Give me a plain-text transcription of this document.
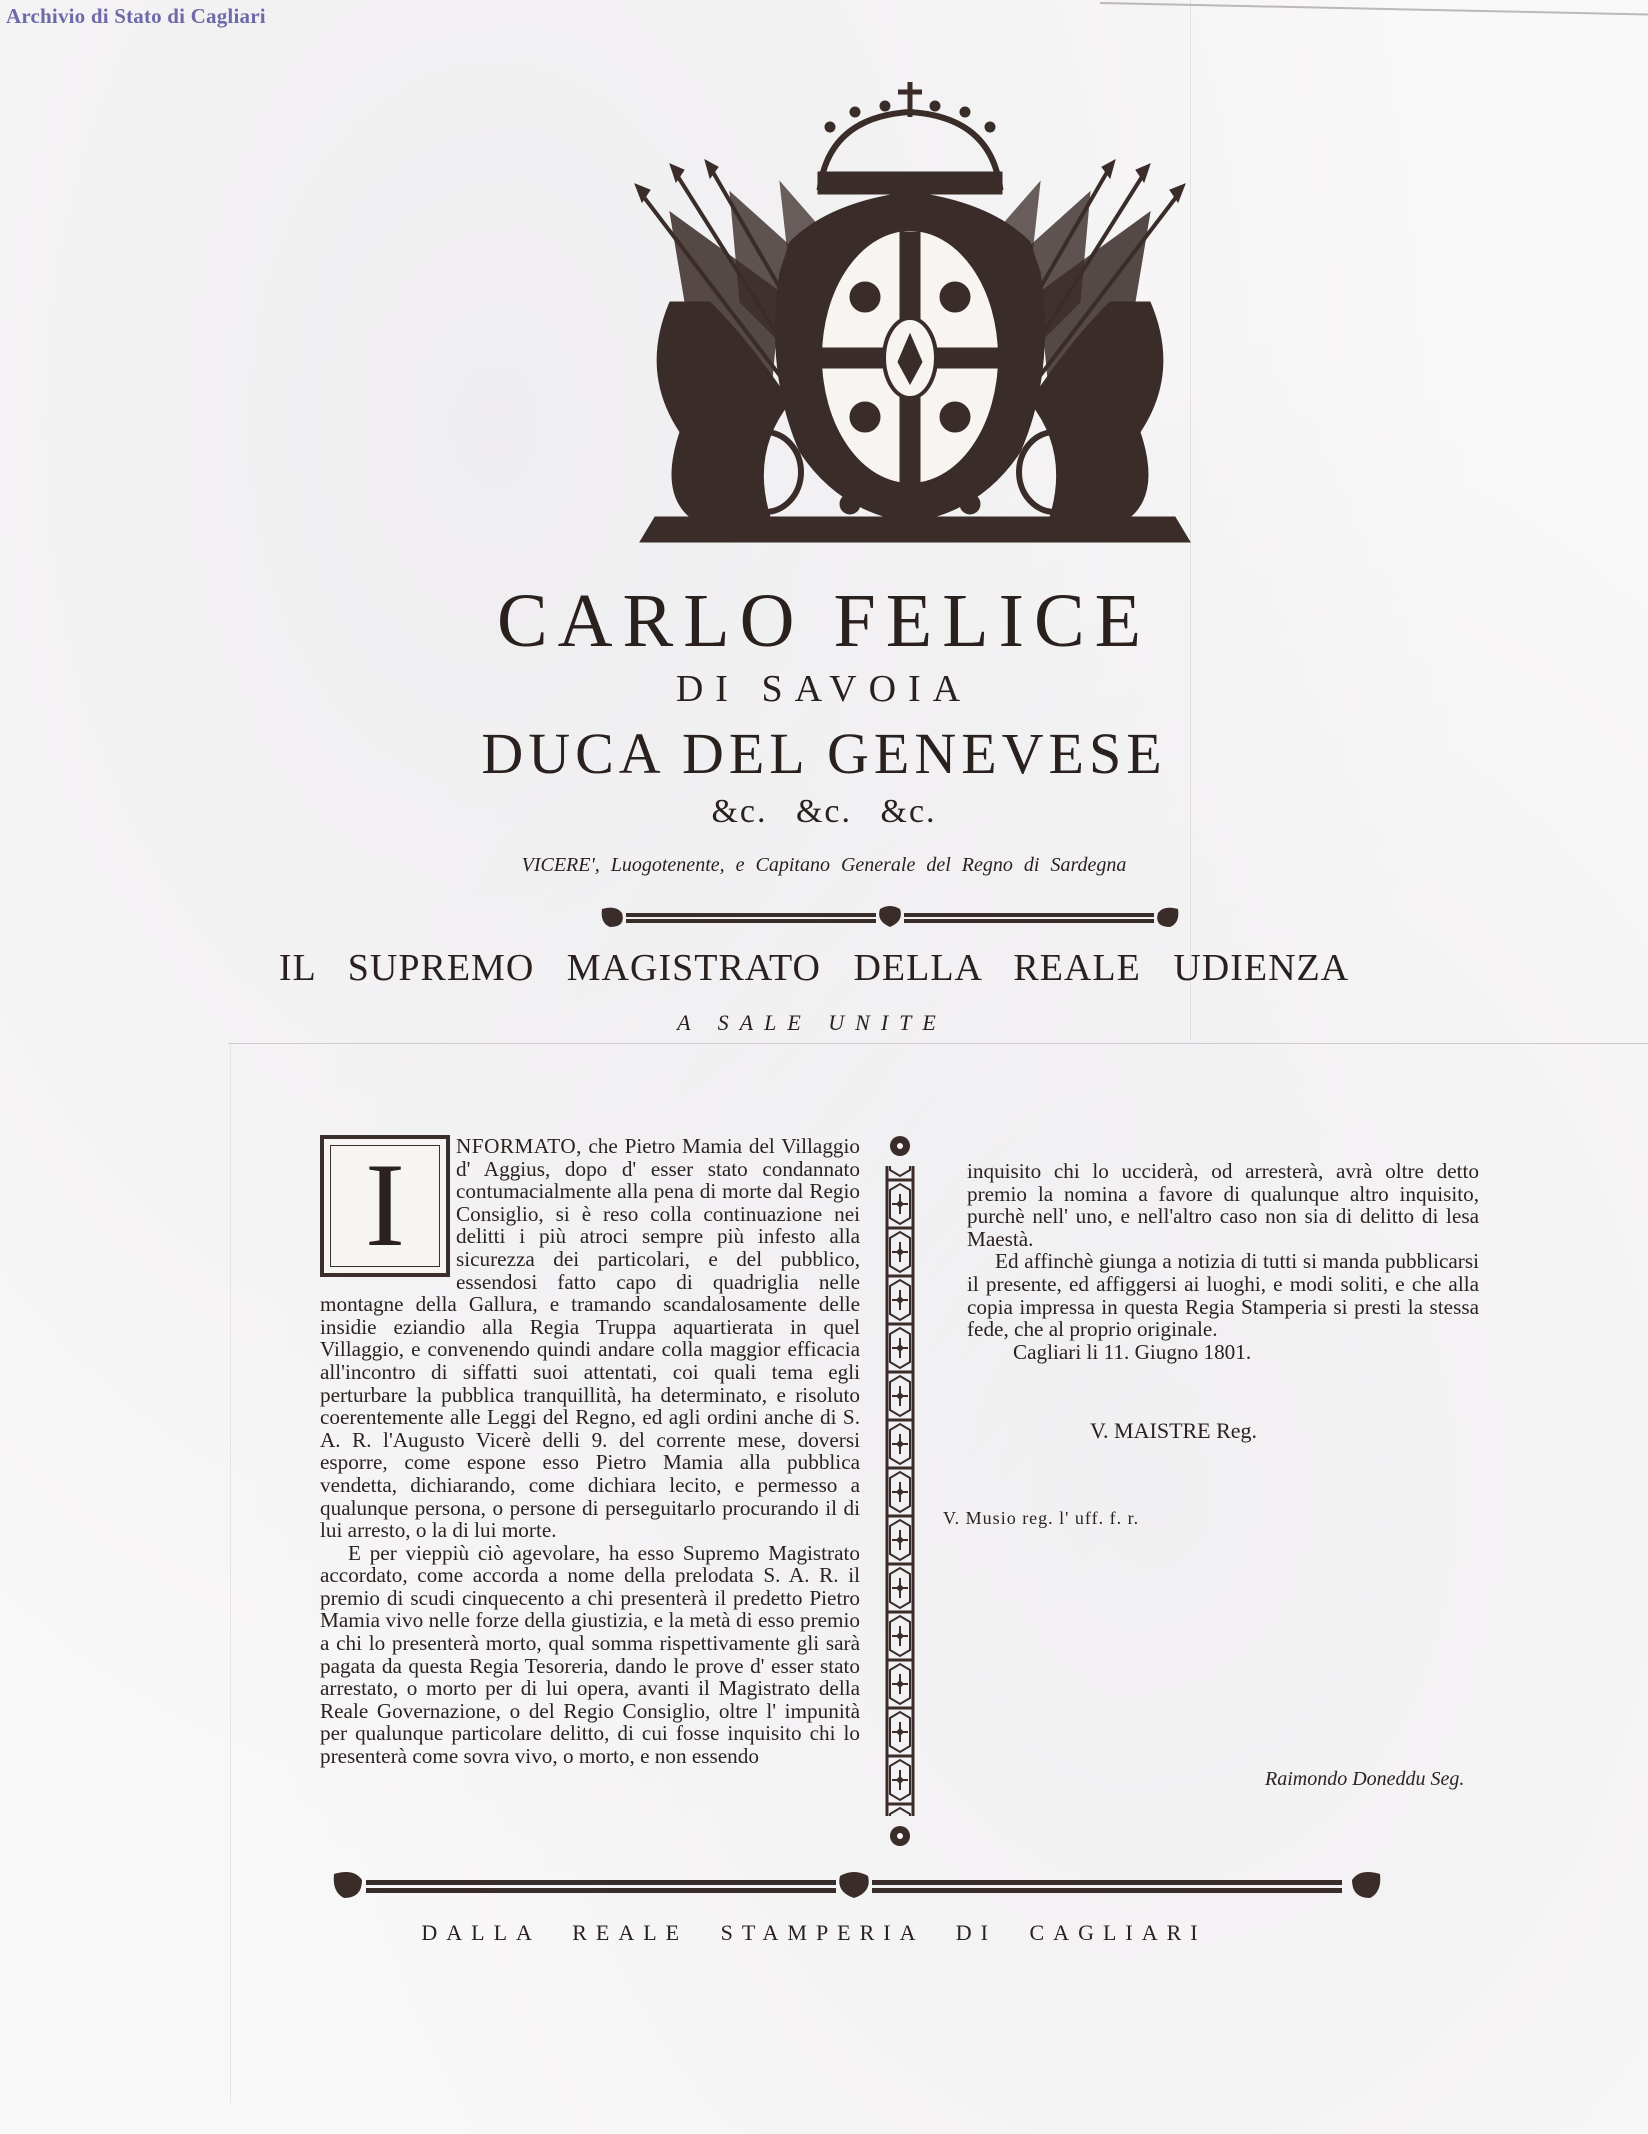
Archivio di Stato di Cagliari
CARLO FELICE
DI SAVOIA
DUCA DEL GENEVESE
&c. &c. &c.
VICERE', Luogotenente, e Capitano Generale del Regno di Sardegna
IL SUPREMO MAGISTRATO DELLA REALE UDIENZA
A SALE UNITE
I	NFORMATO, che Pietro Mamia del Villaggio d' Aggius, dopo d' esser stato condannato contumacialmente alla pena di morte dal Regio Consiglio, si è reso colla continuazione nei delitti i più atroci sempre più infesto alla sicurezza dei particolari, e del pubblico, essendosi fatto capo di quadriglia nelle montagne della Gallura, e tramando scandalosamente delle insidie eziandio alla Regia Truppa aquartierata in quel Villaggio, e convenendo quindi andare colla maggior efficacia all'incontro di siffatti suoi attentati, coi quali tema egli perturbare la pubblica tranquillità, ha determinato, e risoluto coerentemente alle Leggi del Regno, ed agli ordini anche di S. A. R. l'Augusto Vicerè delli 9. del corrente mese, doversi esporre, come espone esso Pietro Mamia alla pubblica vendetta, dichiarando, come dichiara lecito, e permesso a qualunque persona, o persone di perseguitarlo procurando il di lui arresto, o la di lui morte.

E per vieppiù ciò agevolare, ha esso Supremo Magistrato accordato, come accorda a nome della prelodata S. A. R. il premio di scudi cinquecento a chi presenterà il predetto Pietro Mamia vivo nelle forze della giustizia, e la metà di esso premio a chi lo presenterà morto, qual somma rispettivamente gli sarà pagata da questa Regia Tesoreria, dando le prove d' esser stato arrestato, o morto per di lui opera, avanti il Magistrato della Reale Governazione, o del Regio Consiglio, oltre l' impunità per qualunque particolare delitto, di cui fosse inquisito chi lo presenterà come sovra vivo, o morto, e non essendo

inquisito chi lo ucciderà, od arresterà, avrà oltre detto premio la nomina a favore di qualunque altro inquisito, purchè nell' uno, e nell'altro caso non sia di delitto di lesa Maestà.

Ed affinchè giunga a notizia di tutti si manda pubblicarsi il presente, ed affiggersi ai luoghi, e modi soliti, e che alla copia impressa in questa Regia Stamperia si presti la stessa fede, che al proprio originale.

Cagliari li 11. Giugno 1801.

V. MAISTRE Reg.
V. Musio reg. l' uff. f. r.
Raimondo Doneddu Seg.
DALLA REALE STAMPERIA DI CAGLIARI
